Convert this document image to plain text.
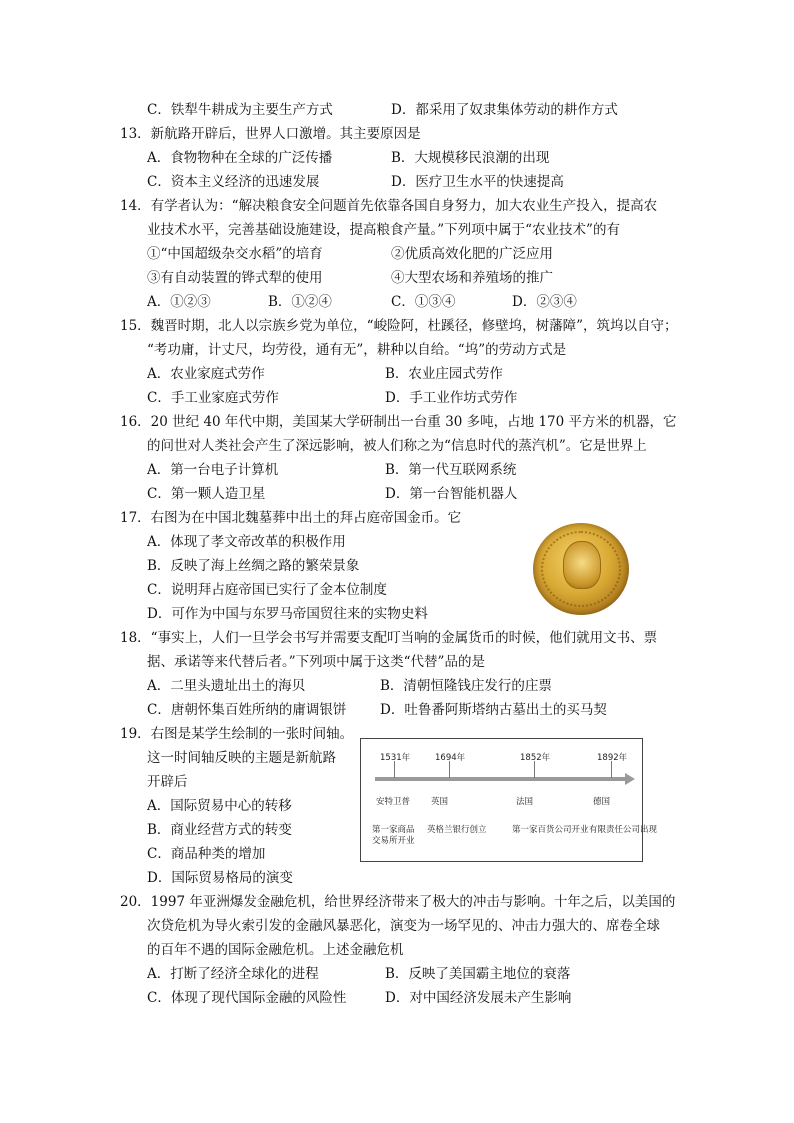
C．铁犁牛耕成为主要生产方式	D．都采用了奴隶集体劳动的耕作方式
13．新航路开辟后，世界人口激增。其主要原因是
A．食物物种在全球的广泛传播	B．大规模移民浪潮的出现
C．资本主义经济的迅速发展	D．医疗卫生水平的快速提高
14．有学者认为：“解决粮食安全问题首先依靠各国自身努力，加大农业生产投入，提高农
业技术水平，完善基础设施建设，提高粮食产量。”下列项中属于“农业技术”的有
①“中国超级杂交水稻”的培育	②优质高效化肥的广泛应用
③有自动装置的铧式犁的使用	④大型农场和养殖场的推广
A．①②③	B．①②④	C．①③④	D．②③④
15．魏晋时期，北人以宗族乡党为单位，“峻险阿，杜蹊径，修壁坞，树藩障”，筑坞以自守；
“考功庸，计丈尺，均劳役，通有无”，耕种以自给。“坞”的劳动方式是
A．农业家庭式劳作	B．农业庄园式劳作
C．手工业家庭式劳作	D．手工业作坊式劳作
16．20 世纪 40 年代中期，美国某大学研制出一台重 30 多吨，占地 170 平方米的机器，它
的问世对人类社会产生了深远影响，被人们称之为“信息时代的蒸汽机”。它是世界上
A．第一台电子计算机	B．第一代互联网系统
C．第一颗人造卫星	D．第一台智能机器人
17．右图为在中国北魏墓葬中出土的拜占庭帝国金币。它
A．体现了孝文帝改革的积极作用
B．反映了海上丝绸之路的繁荣景象
C．说明拜占庭帝国已实行了金本位制度
D．可作为中国与东罗马帝国贸往来的实物史料
18．“事实上，人们一旦学会书写并需要支配叮当响的金属货币的时候，他们就用文书、票
据、承诺等来代替后者。”下列项中属于这类“代替”品的是
A．二里头遗址出土的海贝	B．清朝恒隆钱庄发行的庄票
C．唐朝怀集百姓所纳的庸调银饼 D．吐鲁番阿斯塔纳古墓出土的买马契
19．右图是某学生绘制的一张时间轴。
这一时间轴反映的主题是新航路
开辟后
A．国际贸易中心的转移
B．商业经营方式的转变
C．商品种类的增加
D．国际贸易格局的演变
20．1997 年亚洲爆发金融危机，给世界经济带来了极大的冲击与影响。十年之后，以美国的
次贷危机为导火索引发的金融风暴恶化，演变为一场罕见的、冲击力强大的、席卷全球
的百年不遇的国际金融危机。上述金融危机
A．打断了经济全球化的进程	B．反映了美国霸主地位的衰落
C．体现了现代国际金融的风险性	D．对中国经济发展未产生影响
1531年
安特卫普
第一家商品
交易所开业
1694年
英国
英格兰银行创立
1852年
法国
第一家百货公司开业
1892年
德国
有限责任公司出现
